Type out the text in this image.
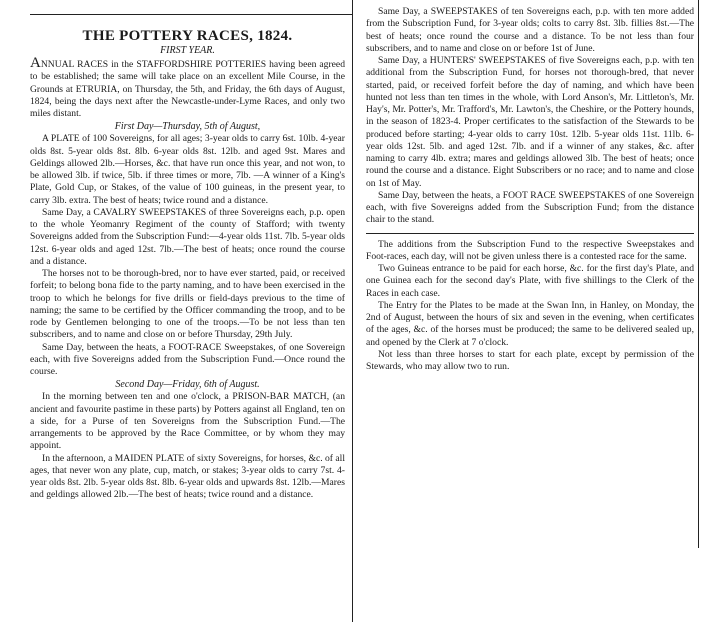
THE POTTERY RACES, 1824.
FIRST YEAR.

ANNUAL RACES in the STAFFORDSHIRE POTTERIES having been agreed to be established; the same will take place on an excellent Mile Course, in the Grounds at ETRURIA, on Thursday, the 5th, and Friday, the 6th days of August, 1824, being the days next after the Newcastle-under-Lyme Races, and only two miles distant.

First Day—Thursday, 5th of August,

A PLATE of 100 Sovereigns, for all ages; 3-year olds to carry 6st. 10lb. 4-year olds 8st. 5-year olds 8st. 8lb. 6-year olds 8st. 12lb. and aged 9st. Mares and Geldings allowed 2lb.—Horses, &c. that have run once this year, and not won, to be allowed 3lb. if twice, 5lb. if three times or more, 7lb. —A winner of a King's Plate, Gold Cup, or Stakes, of the value of 100 guineas, in the present year, to carry 3lb. extra. The best of heats; twice round and a distance.

Same Day, a CAVALRY SWEEPSTAKES of three Sovereigns each, p.p. open to the whole Yeomanry Regiment of the county of Stafford; with twenty Sovereigns added from the Subscription Fund:—4-year olds 11st. 7lb. 5-year olds 12st. 6-year olds and aged 12st. 7lb.—The best of heats; once round the course and a distance.

The horses not to be thorough-bred, nor to have ever started, paid, or received forfeit; to belong bona fide to the party naming, and to have been exercised in the troop to which he belongs for five drills or field-days previous to the time of naming; the same to be certified by the Officer commanding the troop, and to be rode by Gentlemen belonging to one of the troops.—To be not less than ten subscribers, and to name and close on or before Thursday, 29th July.

Same Day, between the heats, a FOOT-RACE Sweepstakes, of one Sovereign each, with five Sovereigns added from the Subscription Fund.—Once round the course.

Second Day—Friday, 6th of August.

In the morning between ten and one o'clock, a PRISON-BAR MATCH, (an ancient and favourite pastime in these parts) by Potters against all England, ten on a side, for a Purse of ten Sovereigns from the Subscription Fund.—The arrangements to be approved by the Race Committee, or by whom they may appoint.

In the afternoon, a MAIDEN PLATE of sixty Sovereigns, for horses, &c. of all ages, that never won any plate, cup, match, or stakes; 3-year olds to carry 7st. 4-year olds 8st. 2lb. 5-year olds 8st. 8lb. 6-year olds and upwards 8st. 12lb.—Mares and geldings allowed 2lb.—The best of heats; twice round and a distance.

Same Day, a SWEEPSTAKES of ten Sovereigns each, p.p. with ten more added from the Subscription Fund, for 3-year olds; colts to carry 8st. 3lb. fillies 8st.—The best of heats; once round the course and a distance. To be not less than four subscribers, and to name and close on or before 1st of June.

Same Day, a HUNTERS' SWEEPSTAKES of five Sovereigns each, p.p. with ten additional from the Subscription Fund, for horses not thorough-bred, that never started, paid, or received forfeit before the day of naming, and which have been hunted not less than ten times in the whole, with Lord Anson's, Mr. Littleton's, Mr. Hay's, Mr. Potter's, Mr. Trafford's, Mr. Lawton's, the Cheshire, or the Pottery hounds, in the season of 1823-4. Proper certificates to the satisfaction of the Stewards to be produced before starting; 4-year olds to carry 10st. 12lb. 5-year olds 11st. 11lb. 6-year olds 12st. 5lb. and aged 12st. 7lb. and if a winner of any stakes, &c. after naming to carry 4lb. extra; mares and geldings allowed 3lb. The best of heats; once round the course and a distance. Eight Subscribers or no race; and to name and close on 1st of May.

Same Day, between the heats, a FOOT RACE SWEEPSTAKES of one Sovereign each, with five Sovereigns added from the Subscription Fund; from the distance chair to the stand.

The additions from the Subscription Fund to the respective Sweepstakes and Foot-races, each day, will not be given unless there is a contested race for the same.

Two Guineas entrance to be paid for each horse, &c. for the first day's Plate, and one Guinea each for the second day's Plate, with five shillings to the Clerk of the Races in each case.

The Entry for the Plates to be made at the Swan Inn, in Hanley, on Monday, the 2nd of August, between the hours of six and seven in the evening, when certificates of the ages, &c. of the horses must be produced; the same to be delivered sealed up, and opened by the Clerk at 7 o'clock.

Not less than three horses to start for each plate, except by permission of the Stewards, who may allow two to run.
